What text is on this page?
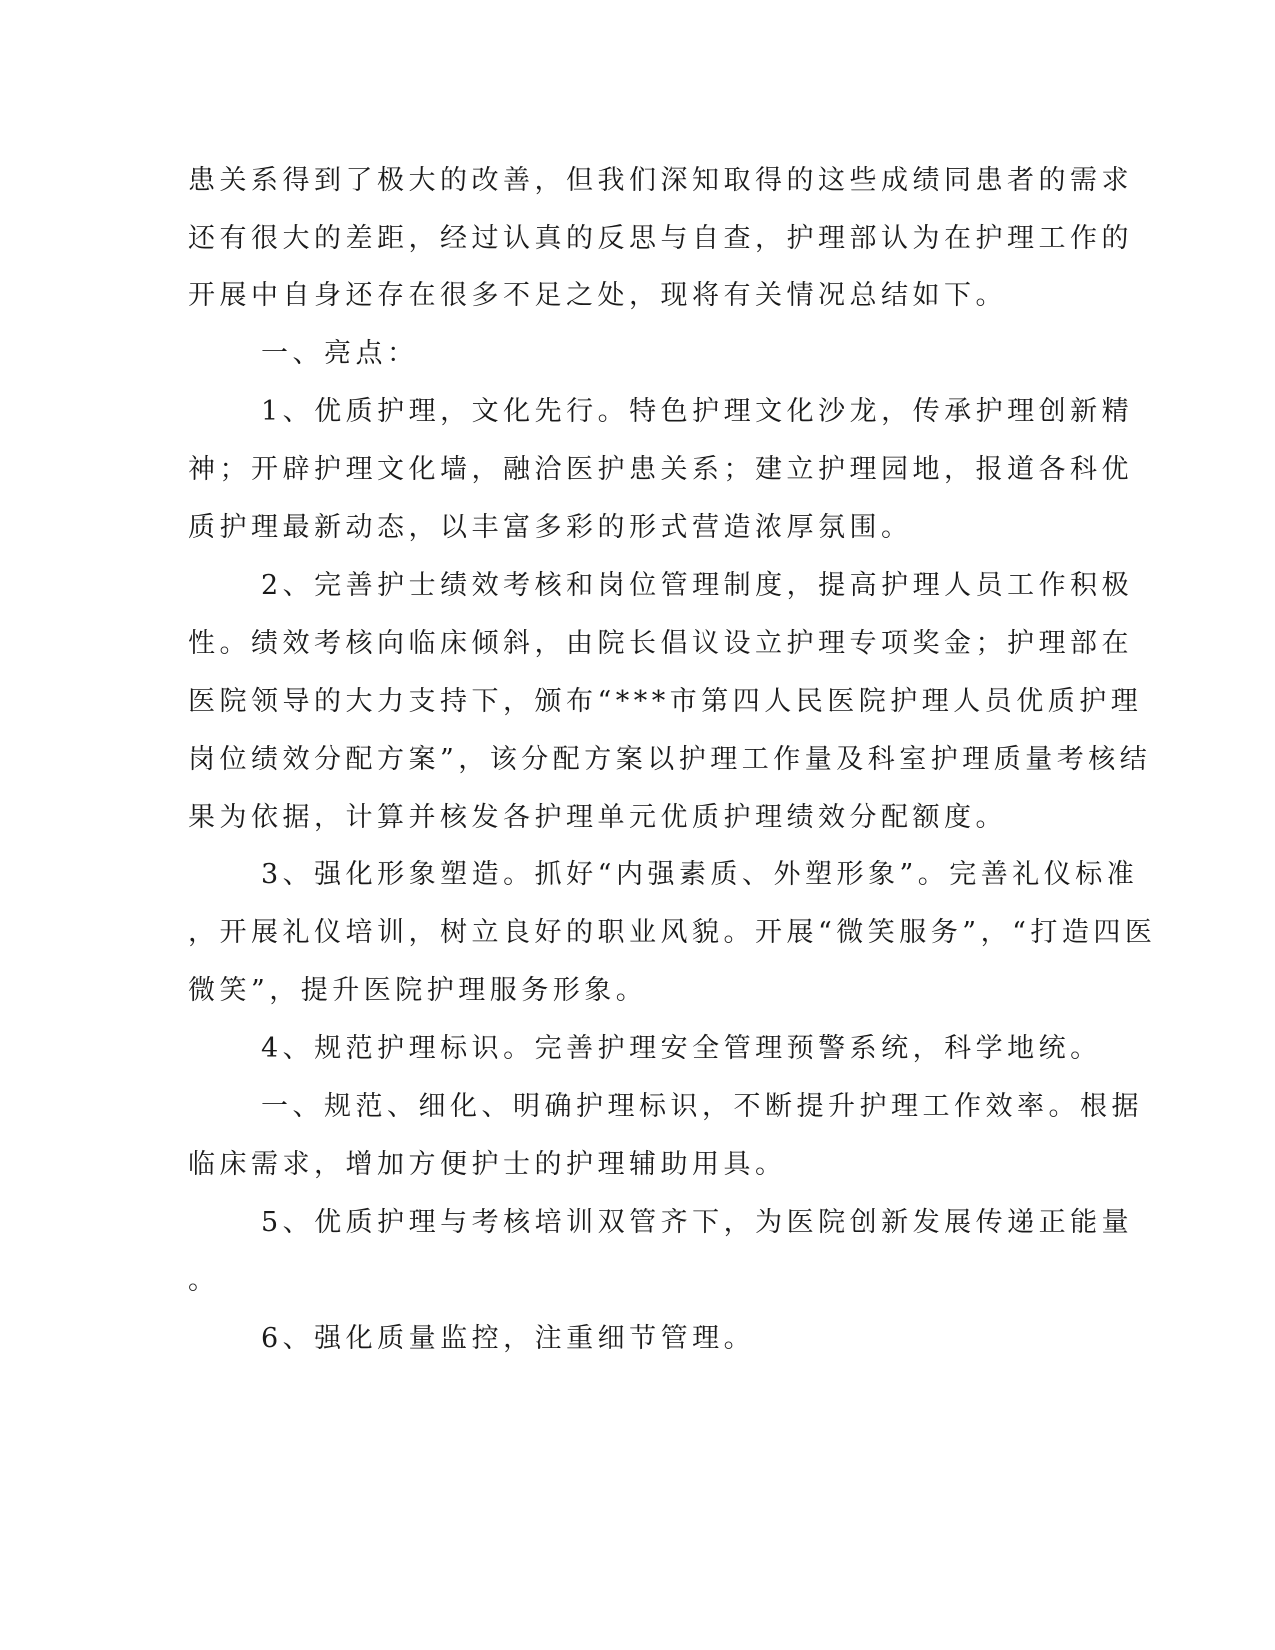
患关系得到了极大的改善，但我们深知取得的这些成绩同患者的需求
还有很大的差距，经过认真的反思与自查，护理部认为在护理工作的
开展中自身还存在很多不足之处，现将有关情况总结如下。
一、亮点：
1、优质护理，文化先行。特色护理文化沙龙，传承护理创新精
神；开辟护理文化墙，融洽医护患关系；建立护理园地，报道各科优
质护理最新动态，以丰富多彩的形式营造浓厚氛围。
2、完善护士绩效考核和岗位管理制度，提高护理人员工作积极
性。绩效考核向临床倾斜，由院长倡议设立护理专项奖金；护理部在
医院领导的大力支持下，颁布“***市第四人民医院护理人员优质护理
岗位绩效分配方案”，该分配方案以护理工作量及科室护理质量考核结
果为依据，计算并核发各护理单元优质护理绩效分配额度。
3、强化形象塑造。抓好“内强素质、外塑形象”。完善礼仪标准
，开展礼仪培训，树立良好的职业风貌。开展“微笑服务”，“打造四医
微笑”，提升医院护理服务形象。
4、规范护理标识。完善护理安全管理预警系统，科学地统。
一、规范、细化、明确护理标识，不断提升护理工作效率。根据
临床需求，增加方便护士的护理辅助用具。
5、优质护理与考核培训双管齐下，为医院创新发展传递正能量
。
6、强化质量监控，注重细节管理。
